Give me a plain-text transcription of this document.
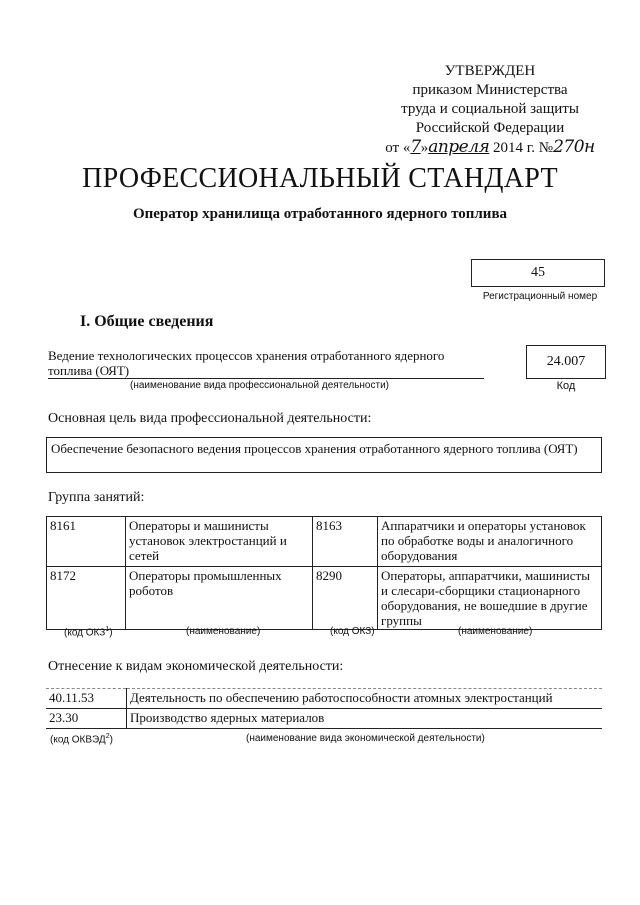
УТВЕРЖДЕН
приказом Министерства
труда и социальной защиты
Российской Федерации
от «7»апреля 2014 г. №270н
ПРОФЕССИОНАЛЬНЫЙ СТАНДАРТ
Оператор хранилища отработанного ядерного топлива
45
Регистрационный номер
I. Общие сведения
Ведение технологических процессов хранения отработанного ядерного топлива (ОЯТ)
(наименование вида профессиональной деятельности)
24.007
Код
Основная цель вида профессиональной деятельности:
Обеспечение безопасного ведения процессов хранения отработанного ядерного топлива (ОЯТ)
Группа занятий:
8161	Операторы и машинисты установок электростанций и сетей	8163	Аппаратчики и операторы установок по обработке воды и аналогичного оборудования
8172	Операторы промышленных роботов	8290	Операторы, аппаратчики, машинисты и слесари-сборщики стационарного оборудования, не вошедшие в другие группы
(код ОКЗ$^1$)	(наименование)	(код ОКЗ)	(наименование)
Отнесение к видам экономической деятельности:
40.11.53	Деятельность по обеспечению работоспособности атомных электростанций
23.30	Производство ядерных материалов
(код ОКВЭД$^2$)	(наименование вида экономической деятельности)
